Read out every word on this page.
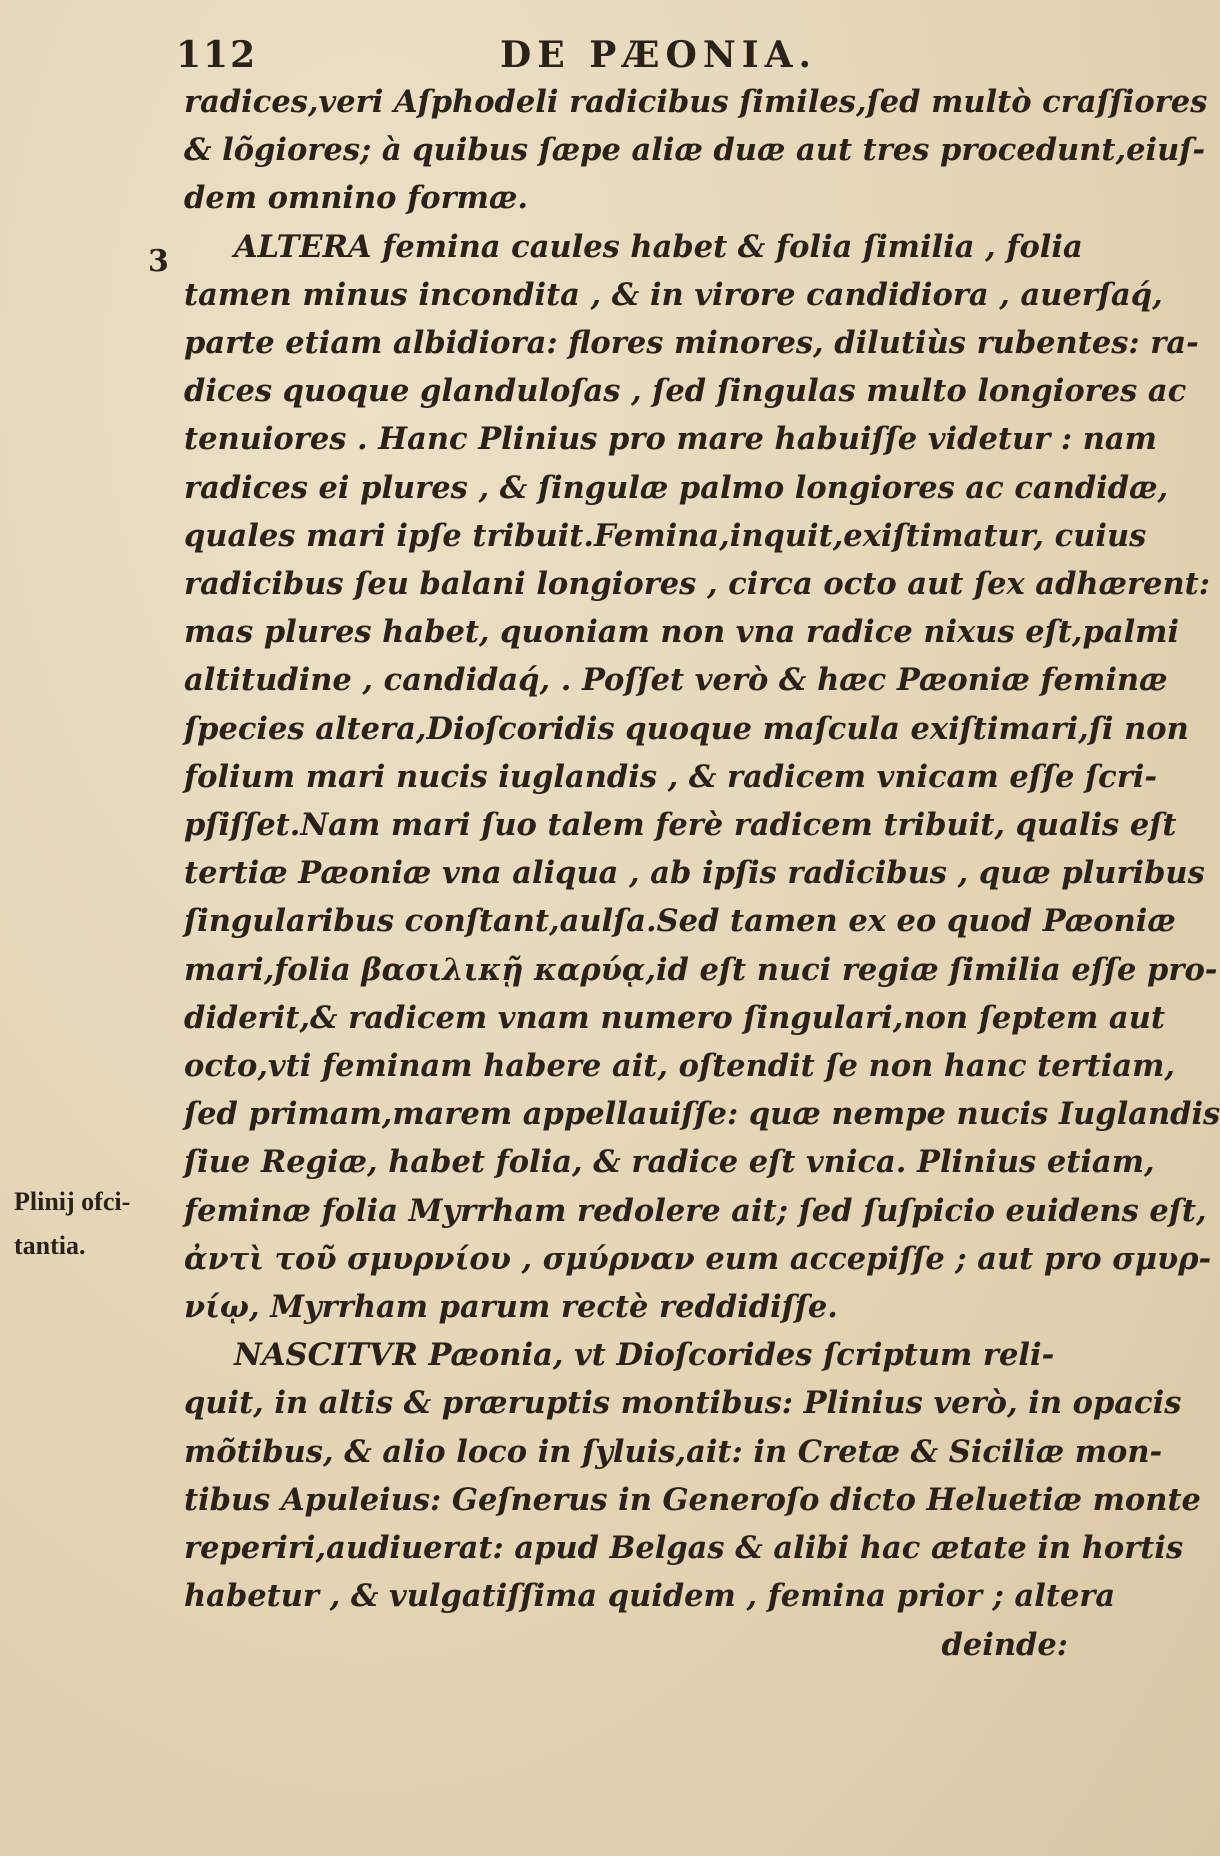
112	DE PÆONIA.
3
Plinij ofci-
tantia.
radices,veri Aſphodeli radicibus ſimiles,ſed multò craſſiores
& lõgiores; à quibus ſæpe aliæ duæ aut tres procedunt,eiuſ-
dem omnino formæ.
ALTERA femina caules habet & folia ſimilia , folia
tamen minus incondita , & in virore candidiora , auerſaq́,
parte etiam albidiora: flores minores, dilutiùs rubentes: ra-
dices quoque glanduloſas , ſed ſingulas multo longiores ac
tenuiores . Hanc Plinius pro mare habuiſſe videtur : nam
radices ei plures , & ſingulæ palmo longiores ac candidæ,
quales mari ipſe tribuit.Femina,inquit,exiſtimatur, cuius
radicibus ſeu balani longiores , circa octo aut ſex adhærent:
mas plures habet, quoniam non vna radice nixus eſt,palmi
altitudine , candidaq́, . Poſſet verò & hæc Pæoniæ feminæ
ſpecies altera,Dioſcoridis quoque maſcula exiſtimari,ſi non
folium mari nucis iuglandis , & radicem vnicam eſſe ſcri-
pſiſſet.Nam mari ſuo talem ferè radicem tribuit, qualis eſt
tertiæ Pæoniæ vna aliqua , ab ipſis radicibus , quæ pluribus
ſingularibus conſtant,aulſa.Sed tamen ex eo quod Pæoniæ
mari,folia βασιλικῇ καρύᾳ,id eſt nuci regiæ ſimilia eſſe pro-
diderit,& radicem vnam numero ſingulari,non ſeptem aut
octo,vti feminam habere ait, oſtendit ſe non hanc tertiam,
ſed primam,marem appellauiſſe: quæ nempe nucis Iuglandis
ſiue Regiæ, habet folia, & radice eſt vnica. Plinius etiam,
feminæ folia Myrrham redolere ait; ſed ſuſpicio euidens eſt,
ἀντὶ τοῦ σμυρνίου , σμύρναν eum accepiſſe ; aut pro σμυρ-
νίῳ, Myrrham parum rectè reddidiſſe.
NASCITVR Pæonia, vt Dioſcorides ſcriptum reli-
quit, in altis & præruptis montibus: Plinius verò, in opacis
mõtibus, & alio loco in ſyluis,ait: in Cretæ & Siciliæ mon-
tibus Apuleius: Geſnerus in Generoſo dicto Heluetiæ monte
reperiri,audiuerat: apud Belgas & alibi hac ætate in hortis
habetur , & vulgatiſſima quidem , femina prior ; altera
deinde:
